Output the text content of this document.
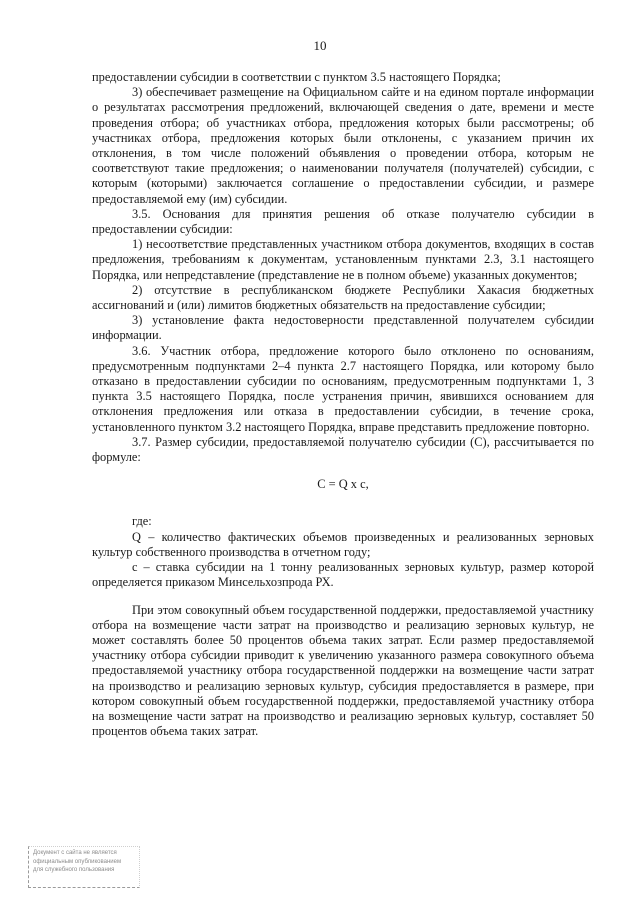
10

предоставлении субсидии в соответствии с пунктом 3.5 настоящего Порядка;

3) обеспечивает размещение на Официальном сайте и на едином портале информации о результатах рассмотрения предложений, включающей сведения о дате, времени и месте проведения отбора; об участниках отбора, предложения которых были рассмотрены; об участниках отбора, предложения которых были отклонены, с указанием причин их отклонения, в том числе положений объявления о проведении отбора, которым не соответствуют такие предложения; о наименовании получателя (получателей) субсидии, с которым (которыми) заключается соглашение о предоставлении субсидии, и размере предоставляемой ему (им) субсидии.

3.5. Основания для принятия решения об отказе получателю субсидии в предоставлении субсидии:

1) несоответствие представленных участником отбора документов, входящих в состав предложения, требованиям к документам, установленным пунктами 2.3, 3.1 настоящего Порядка, или непредставление (представление не в полном объеме) указанных документов;

2) отсутствие в республиканском бюджете Республики Хакасия бюджетных ассигнований и (или) лимитов бюджетных обязательств на предоставление субсидии;

3) установление факта недостоверности представленной получателем субсидии информации.

3.6. Участник отбора, предложение которого было отклонено по основаниям, предусмотренным подпунктами 2–4 пункта 2.7 настоящего Порядка, или которому было отказано в предоставлении субсидии по основаниям, предусмотренным подпунктами 1, 3 пункта 3.5 настоящего Порядка, после устранения причин, явившихся основанием для отклонения предложения или отказа в предоставлении субсидии, в течение срока, установленного пунктом 3.2 настоящего Порядка, вправе представить предложение повторно.

3.7. Размер субсидии, предоставляемой получателю субсидии (С), рассчитывается по формуле:

С = Q х с,

где:

Q – количество фактических объемов произведенных и реализованных зерновых культур собственного производства в отчетном году;

с – ставка субсидии на 1 тонну реализованных зерновых культур, размер которой определяется приказом Минсельхозпрода РХ.

При этом совокупный объем государственной поддержки, предоставляемой участнику отбора на возмещение части затрат на производство и реализацию зерновых культур, не может составлять более 50 процентов объема таких затрат. Если размер предоставляемой участнику отбора субсидии приводит к увеличению указанного размера совокупного объема предоставляемой участнику отбора государственной поддержки на возмещение части затрат на производство и реализацию зерновых культур, субсидия предоставляется в размере, при котором совокупный объем государственной поддержки, предоставляемой участнику отбора на возмещение части затрат на производство и реализацию зерновых культур, составляет 50 процентов объема таких затрат.

Документ с сайта не является
официальным опубликованием
для служебного пользования
